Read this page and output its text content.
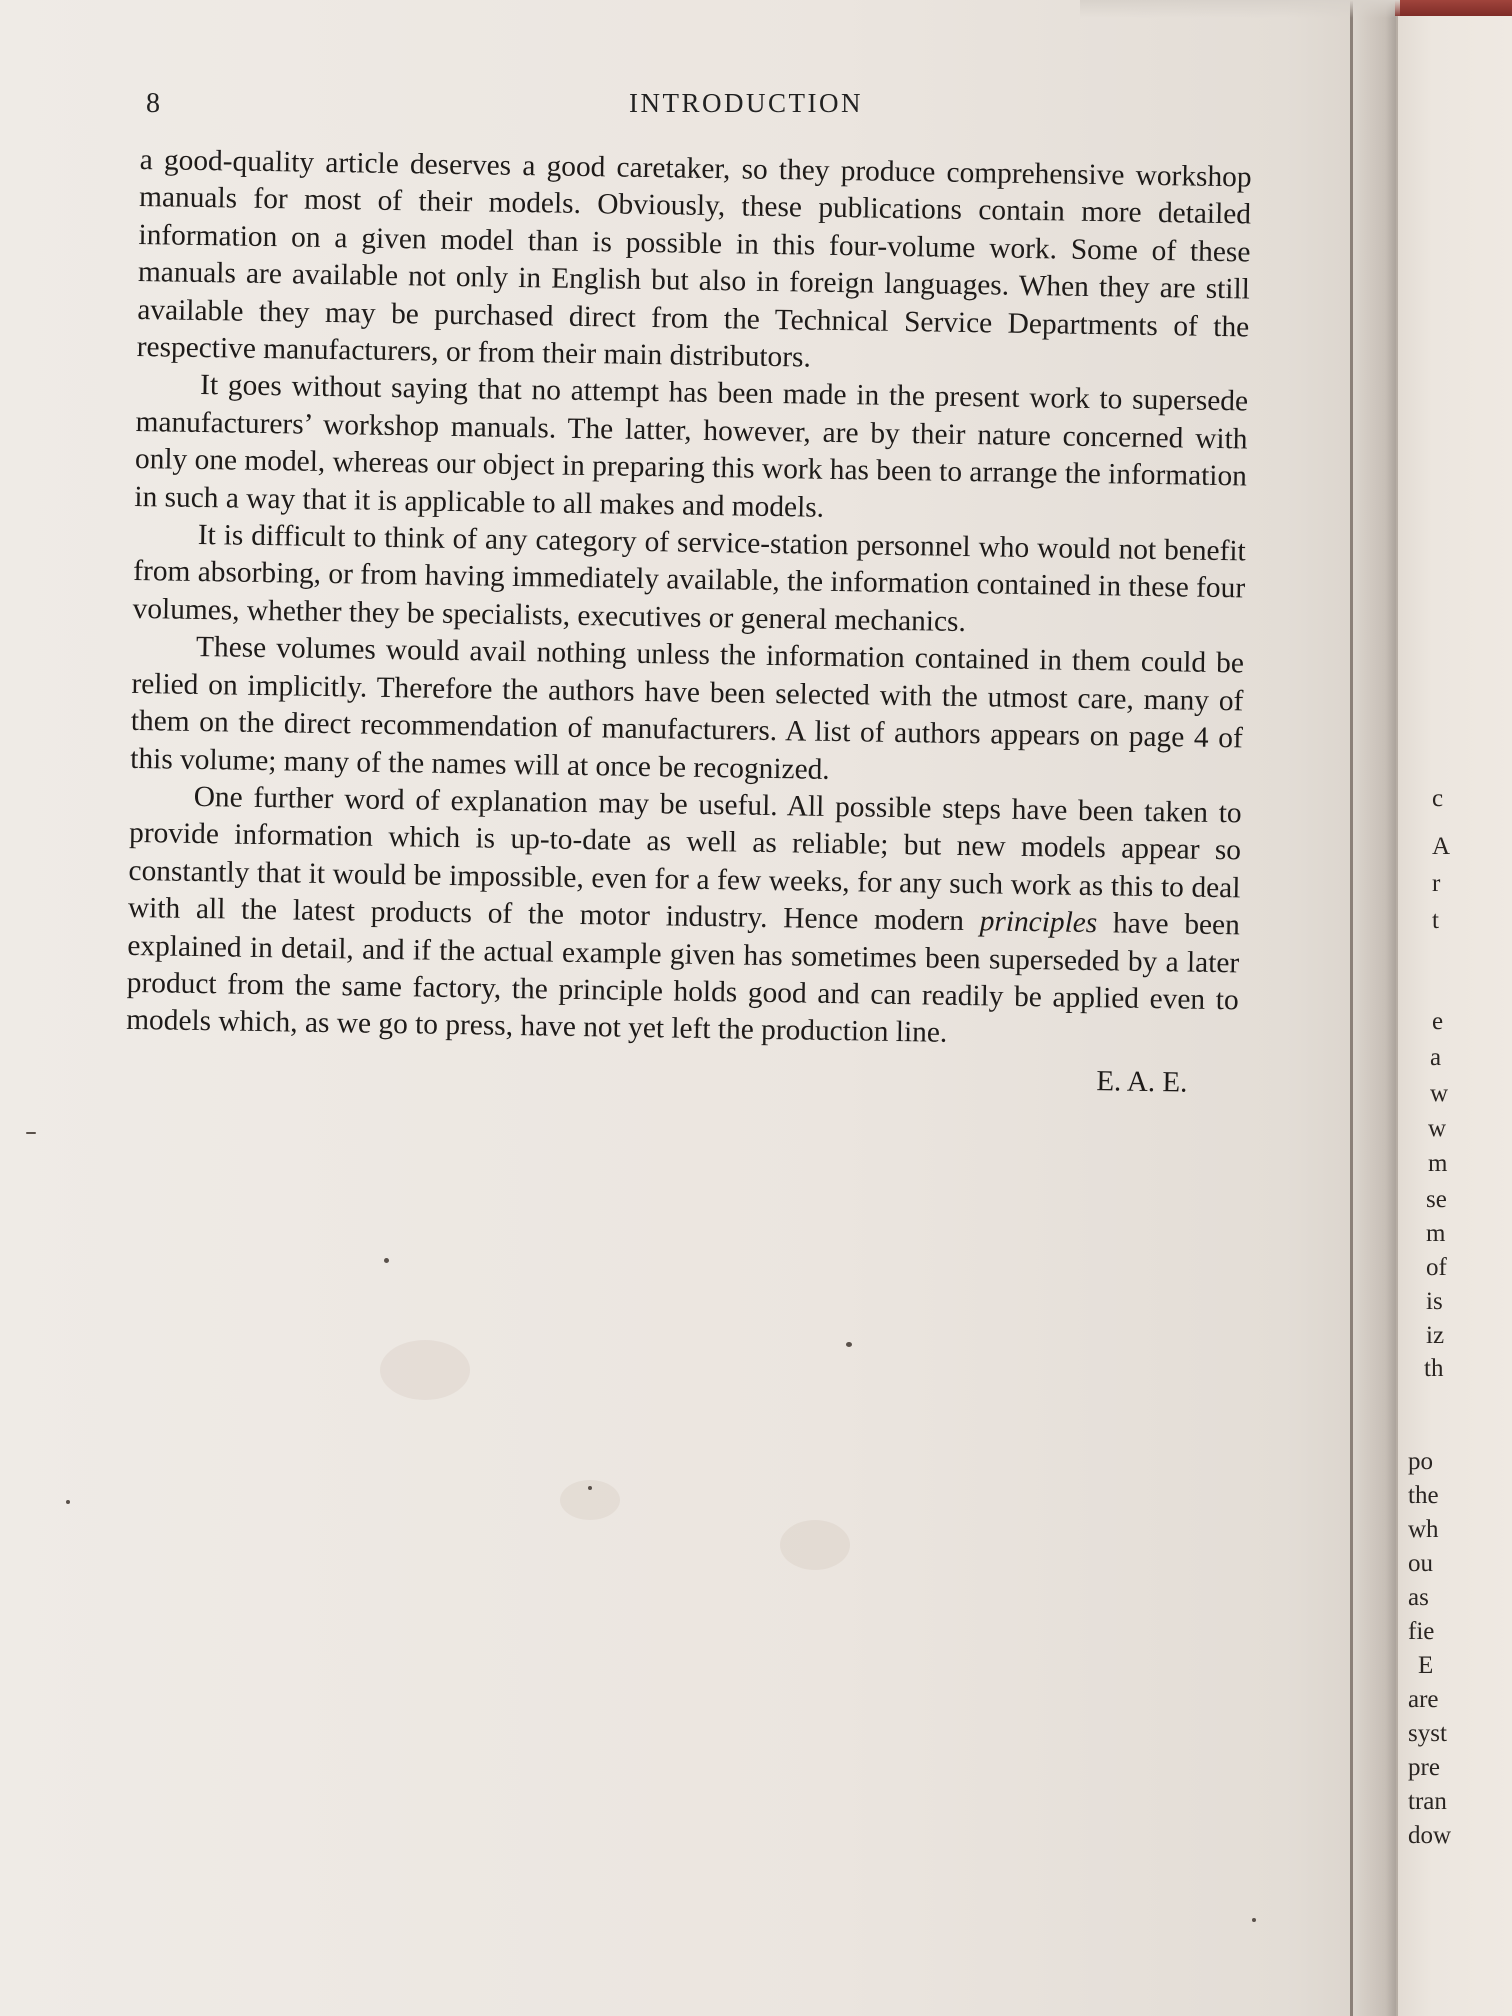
c
A
r
t
e
a
w
w
m
se
m
of
is
iz
th
po
the
wh
ou
as
fie
E
are
syst
pre
tran
dow
8	INTRODUCTION

a good-quality article deserves a good caretaker, so they produce comprehensive workshop manuals for most of their models. Obviously, these publications contain more detailed information on a given model than is possible in this four-volume work. Some of these manuals are available not only in English but also in foreign languages. When they are still available they may be purchased direct from the Technical Service Departments of the respective manufacturers, or from their main distributors.

It goes without saying that no attempt has been made in the present work to supersede manufacturers’ workshop manuals. The latter, however, are by their nature concerned with only one model, whereas our object in preparing this work has been to arrange the information in such a way that it is applicable to all makes and models.

It is difficult to think of any category of service-station personnel who would not benefit from absorbing, or from having immediately available, the information contained in these four volumes, whether they be specialists, executives or general mechanics.

These volumes would avail nothing unless the information contained in them could be relied on implicitly. Therefore the authors have been selected with the utmost care, many of them on the direct recommendation of manufacturers. A list of authors appears on page 4 of this volume; many of the names will at once be recognized.

One further word of explanation may be useful. All possible steps have been taken to provide information which is up-to-date as well as reliable; but new models appear so constantly that it would be impossible, even for a few weeks, for any such work as this to deal with all the latest products of the motor industry. Hence modern principles have been explained in detail, and if the actual example given has sometimes been superseded by a later product from the same factory, the principle holds good and can readily be applied even to models which, as we go to press, have not yet left the production line.

E. A. E.
